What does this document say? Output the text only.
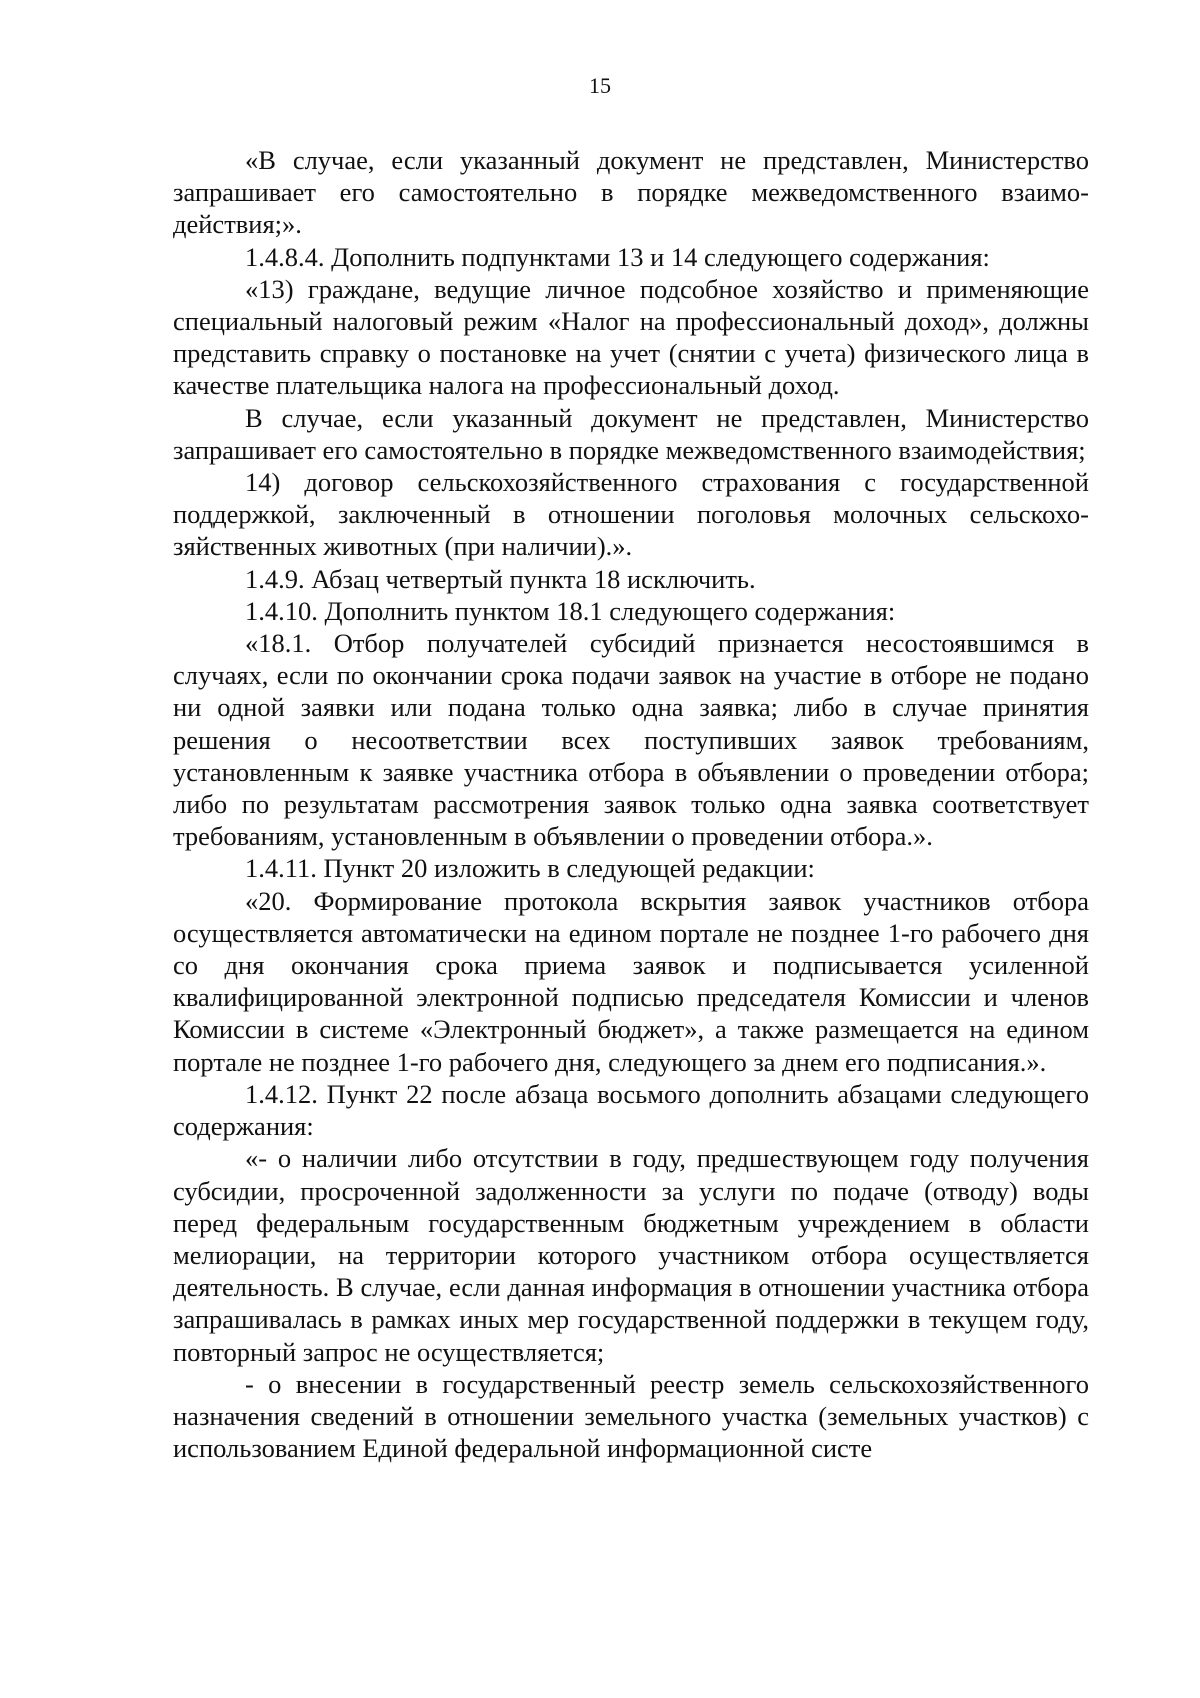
15

«В случае, если указанный документ не представлен, Министерство запрашивает его самостоятельно в порядке межведомственного взаимодействия;».

1.4.8.4. Дополнить подпунктами 13 и 14 следующего содержания:

«13) граждане, ведущие личное подсобное хозяйство и применяющие специальный налоговый режим «Налог на профессиональный доход», должны представить справку о постановке на учет (снятии с учета) физического лица в качестве плательщика налога на профессиональный доход.

В случае, если указанный документ не представлен, Министерство запрашивает его самостоятельно в порядке межведомственного взаимодействия;

14) договор сельскохозяйственного страхования с государственной поддержкой, заключенный в отношении поголовья молочных сельскохозяйственных животных (при наличии).».

1.4.9. Абзац четвертый пункта 18 исключить.

1.4.10. Дополнить пунктом 18.1 следующего содержания:

«18.1. Отбор получателей субсидий признается несостоявшимся в случаях, если по окончании срока подачи заявок на участие в отборе не подано ни одной заявки или подана только одна заявка; либо в случае принятия решения о несоответствии всех поступивших заявок требованиям, установленным к заявке участника отбора в объявлении о проведении отбора; либо по результатам рассмотрения заявок только одна заявка соответствует требованиям, установленным в объявлении о проведении отбора.».

1.4.11. Пункт 20 изложить в следующей редакции:

«20. Формирование протокола вскрытия заявок участников отбора осуществляется автоматически на едином портале не позднее 1-го рабочего дня со дня окончания срока приема заявок и подписывается усиленной квалифицированной электронной подписью председателя Комиссии и членов Комиссии в системе «Электронный бюджет», а также размещается на едином портале не позднее 1-го рабочего дня, следующего за днем его подписания.».

1.4.12. Пункт 22 после абзаца восьмого дополнить абзацами следующего содержания:

«- о наличии либо отсутствии в году, предшествующем году получения субсидии, просроченной задолженности за услуги по подаче (отводу) воды перед федеральным государственным бюджетным учреждением в области мелиорации, на территории которого участником отбора осуществляется деятельность. В случае, если данная информация в отношении участника отбора запрашивалась в рамках иных мер государственной поддержки в текущем году, повторный запрос не осуществляется;

- о внесении в государственный реестр земель сельскохозяйственного назначения сведений в отношении земельного участка (земельных участков) с использованием Единой федеральной информационной систе
